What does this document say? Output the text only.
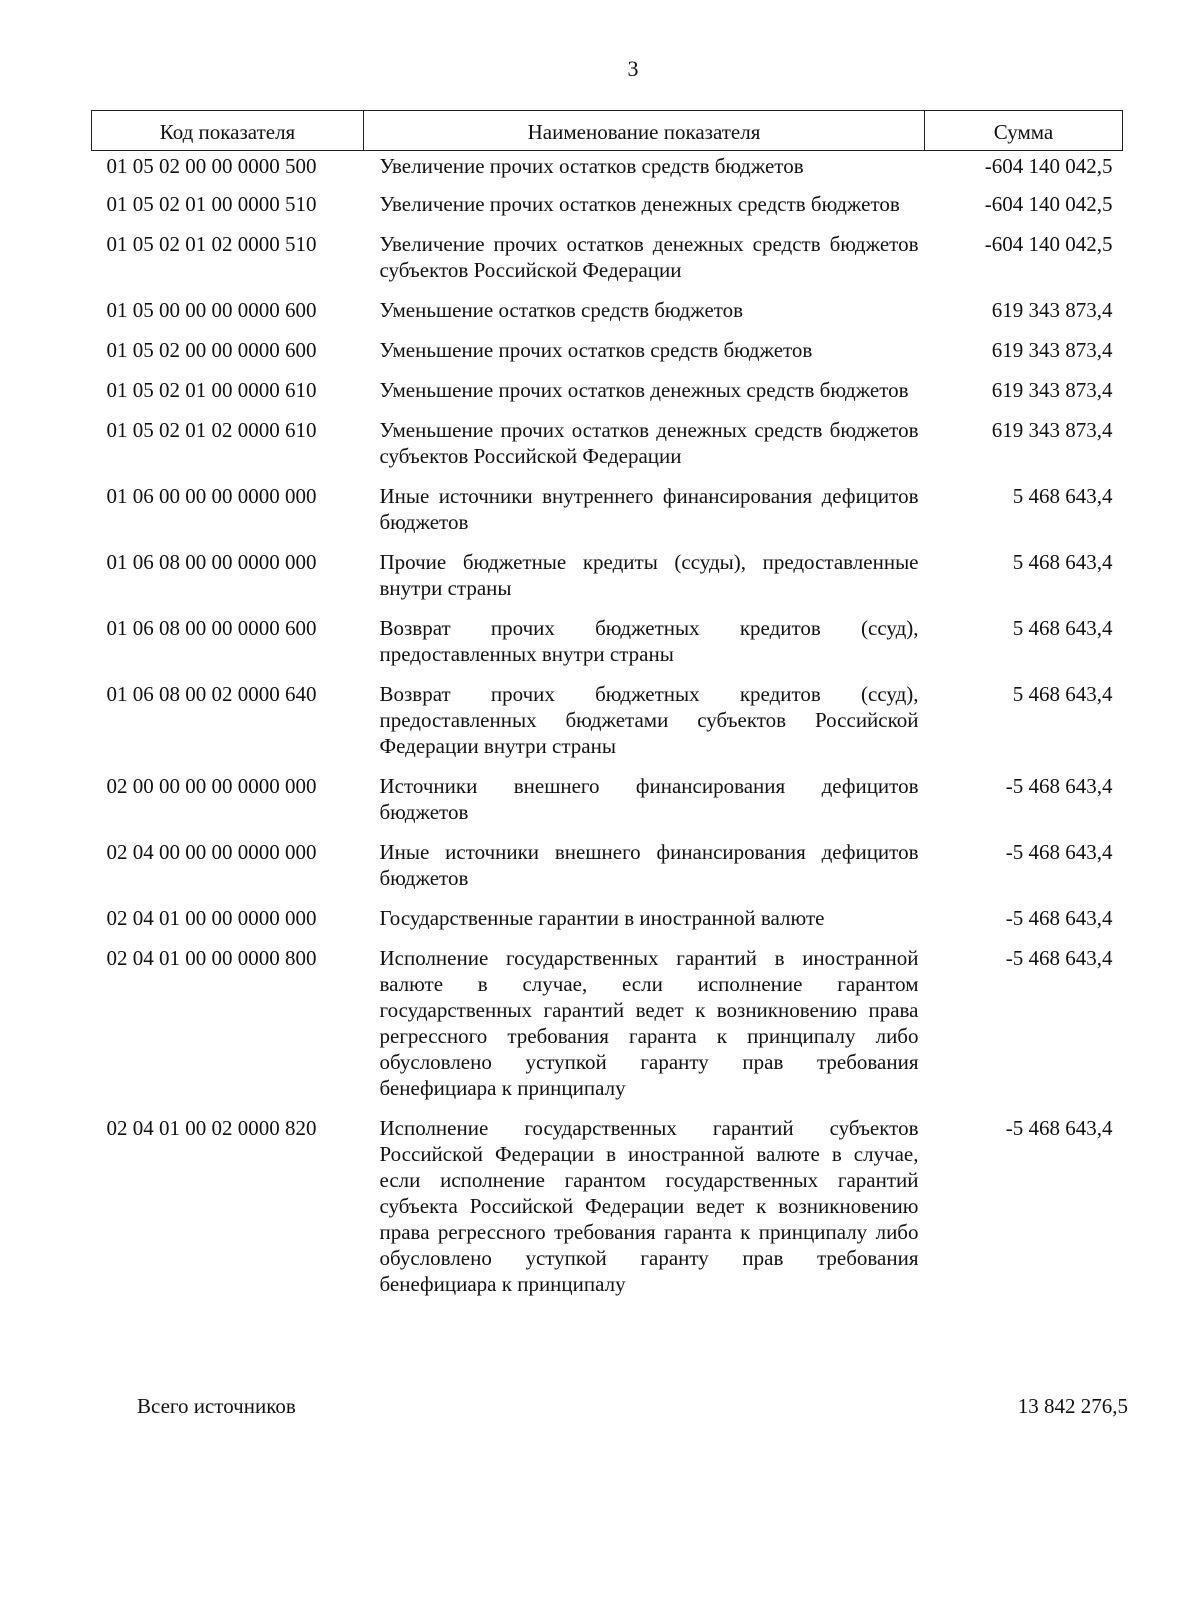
3
Код показателя	Наименование показателя	Сумма
01 05 02 00 00 0000 500	Увеличение прочих остатков средств бюджетов	-604 140 042,5
01 05 02 01 00 0000 510	Увеличение прочих остатков денежных средств бюджетов	-604 140 042,5
01 05 02 01 02 0000 510	Увеличение прочих остатков денежных средств бюджетов субъектов Российской Федерации	-604 140 042,5
01 05 00 00 00 0000 600	Уменьшение остатков средств бюджетов	619 343 873,4
01 05 02 00 00 0000 600	Уменьшение прочих остатков средств бюджетов	619 343 873,4
01 05 02 01 00 0000 610	Уменьшение прочих остатков денежных средств бюджетов	619 343 873,4
01 05 02 01 02 0000 610	Уменьшение прочих остатков денежных средств бюджетов субъектов Российской Федерации	619 343 873,4
01 06 00 00 00 0000 000	Иные источники внутреннего финансирования дефицитов бюджетов	5 468 643,4
01 06 08 00 00 0000 000	Прочие бюджетные кредиты (ссуды), предоставленные внутри страны	5 468 643,4
01 06 08 00 00 0000 600	Возврат прочих бюджетных кредитов (ссуд), предоставленных внутри страны	5 468 643,4
01 06 08 00 02 0000 640	Возврат прочих бюджетных кредитов (ссуд), предоставленных бюджетами субъектов Российской Федерации внутри страны	5 468 643,4
02 00 00 00 00 0000 000	Источники внешнего финансирования дефицитов бюджетов	-5 468 643,4
02 04 00 00 00 0000 000	Иные источники внешнего финансирования дефицитов бюджетов	-5 468 643,4
02 04 01 00 00 0000 000	Государственные гарантии в иностранной валюте	-5 468 643,4
02 04 01 00 00 0000 800	Исполнение государственных гарантий в иностранной валюте в случае, если исполнение гарантом государственных гарантий ведет к возникновению права регрессного требования гаранта к принципалу либо обусловлено уступкой гаранту прав требования бенефициара к принципалу	-5 468 643,4
02 04 01 00 02 0000 820	Исполнение государственных гарантий субъектов Российской Федерации в иностранной валюте в случае, если исполнение гарантом государственных гарантий субъекта Российской Федерации ведет к возникновению права регрессного требования гаранта к принципалу либо обусловлено уступкой гаранту прав требования бенефициара к принципалу	-5 468 643,4
Всего источников	13 842 276,5
